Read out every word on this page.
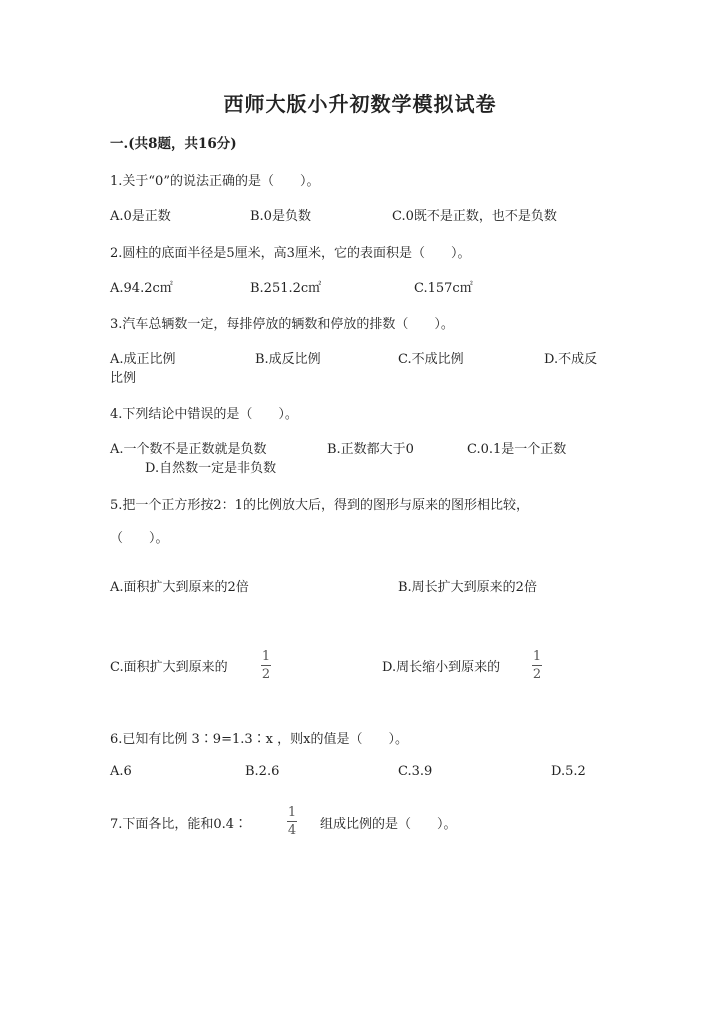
西师大版小升初数学模拟试卷
一.(共8题，共16分)
1.关于“0”的说法正确的是（　　）。
A.0是正数	B.0是负数	C.0既不是正数，也不是负数
2.圆柱的底面半径是5厘米，高3厘米，它的表面积是（　　）。
A.94.2c㎡	B.251.2c㎡	C.157c㎡
3.汽车总辆数一定，每排停放的辆数和停放的排数（　　）。
A.成正比例	B.成反比例	C.不成比例	D.不成反
比例
4.下列结论中错误的是（　　）。
A.一个数不是正数就是负数	B.正数都大于0	C.0.1是一个正数
D.自然数一定是非负数
5.把一个正方形按2：1的比例放大后，得到的图形与原来的图形相比较，
（　　）。
A.面积扩大到原来的2倍	B.周长扩大到原来的2倍
C.面积扩大到原来的
1
2	D.周长缩小到原来的
1
2
6.已知有比例 3∶9=1.3∶x ，则x的值是（　　）。
A.6	B.2.6	C.3.9	D.5.2
7.下面各比，能和0.4∶
1
4 组成比例的是（　　）。
